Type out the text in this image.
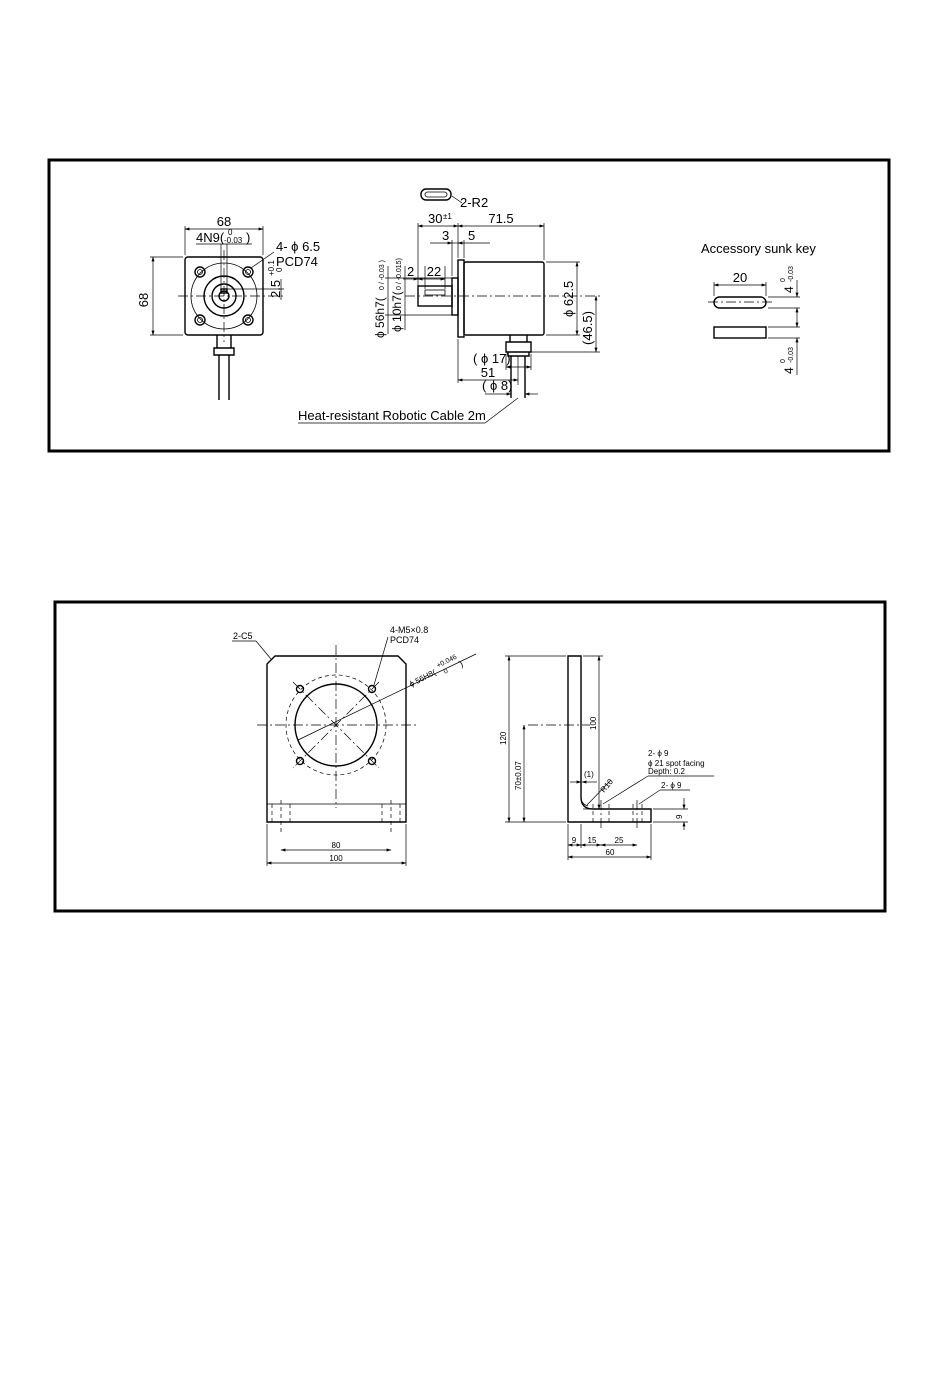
68
4N9( 0
-0.03 )
4- ϕ 6.5
PCD74
68
2.5
+0.1 0
2-R2
30 ±1	71.5
3 5
2 22
ϕ 56h7(
0 / -0.03 )
ϕ 10h7(
0 / -0.015)
ϕ 62.5
(46.5)
( ϕ 17)
51
( ϕ 8)
Heat-resistant Robotic Cable 2m
Accessory sunk key
20
4
0 -0.03
4
0 -0.03
2-C5
4-M5×0.8
PCD74
ϕ 56H8(
+0.046
0
)
80
100
120
70±0.07
100
(1)
R10
2- ϕ 9
ϕ 21 spot facing
Depth: 0.2
2- ϕ 9
9
9 15 25
60
